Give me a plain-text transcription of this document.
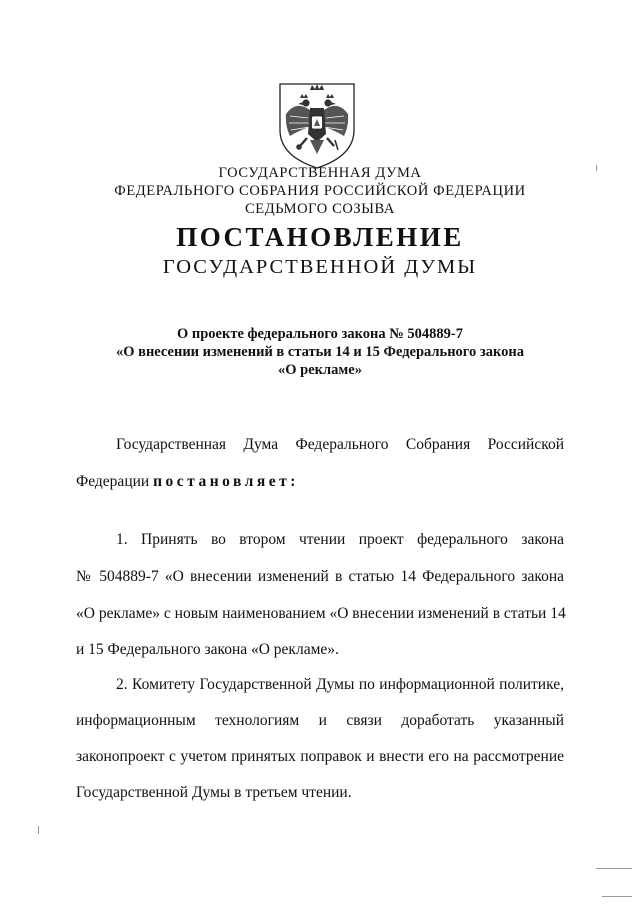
ГОСУДАРСТВЕННАЯ ДУМА
ФЕДЕРАЛЬНОГО СОБРАНИЯ РОССИЙСКОЙ ФЕДЕРАЦИИ
СЕДЬМОГО СОЗЫВА
ПОСТАНОВЛЕНИЕ
ГОСУДАРСТВЕННОЙ ДУМЫ
О проекте федерального закона № 504889-7
«О внесении изменений в статьи 14 и 15 Федерального закона
«О рекламе»
Государственная Дума Федерального Собрания Российской
Федерации постановляет:
1. Принять во втором чтении проект федерального закона
№ 504889-7 «О внесении изменений в статью 14 Федерального закона
«О рекламе» с новым наименованием «О внесении изменений в статьи 14
и 15 Федерального закона «О рекламе».
2. Комитету Государственной Думы по информационной политике,
информационным технологиям и связи доработать указанный
законопроект с учетом принятых поправок и внести его на рассмотрение
Государственной Думы в третьем чтении.
